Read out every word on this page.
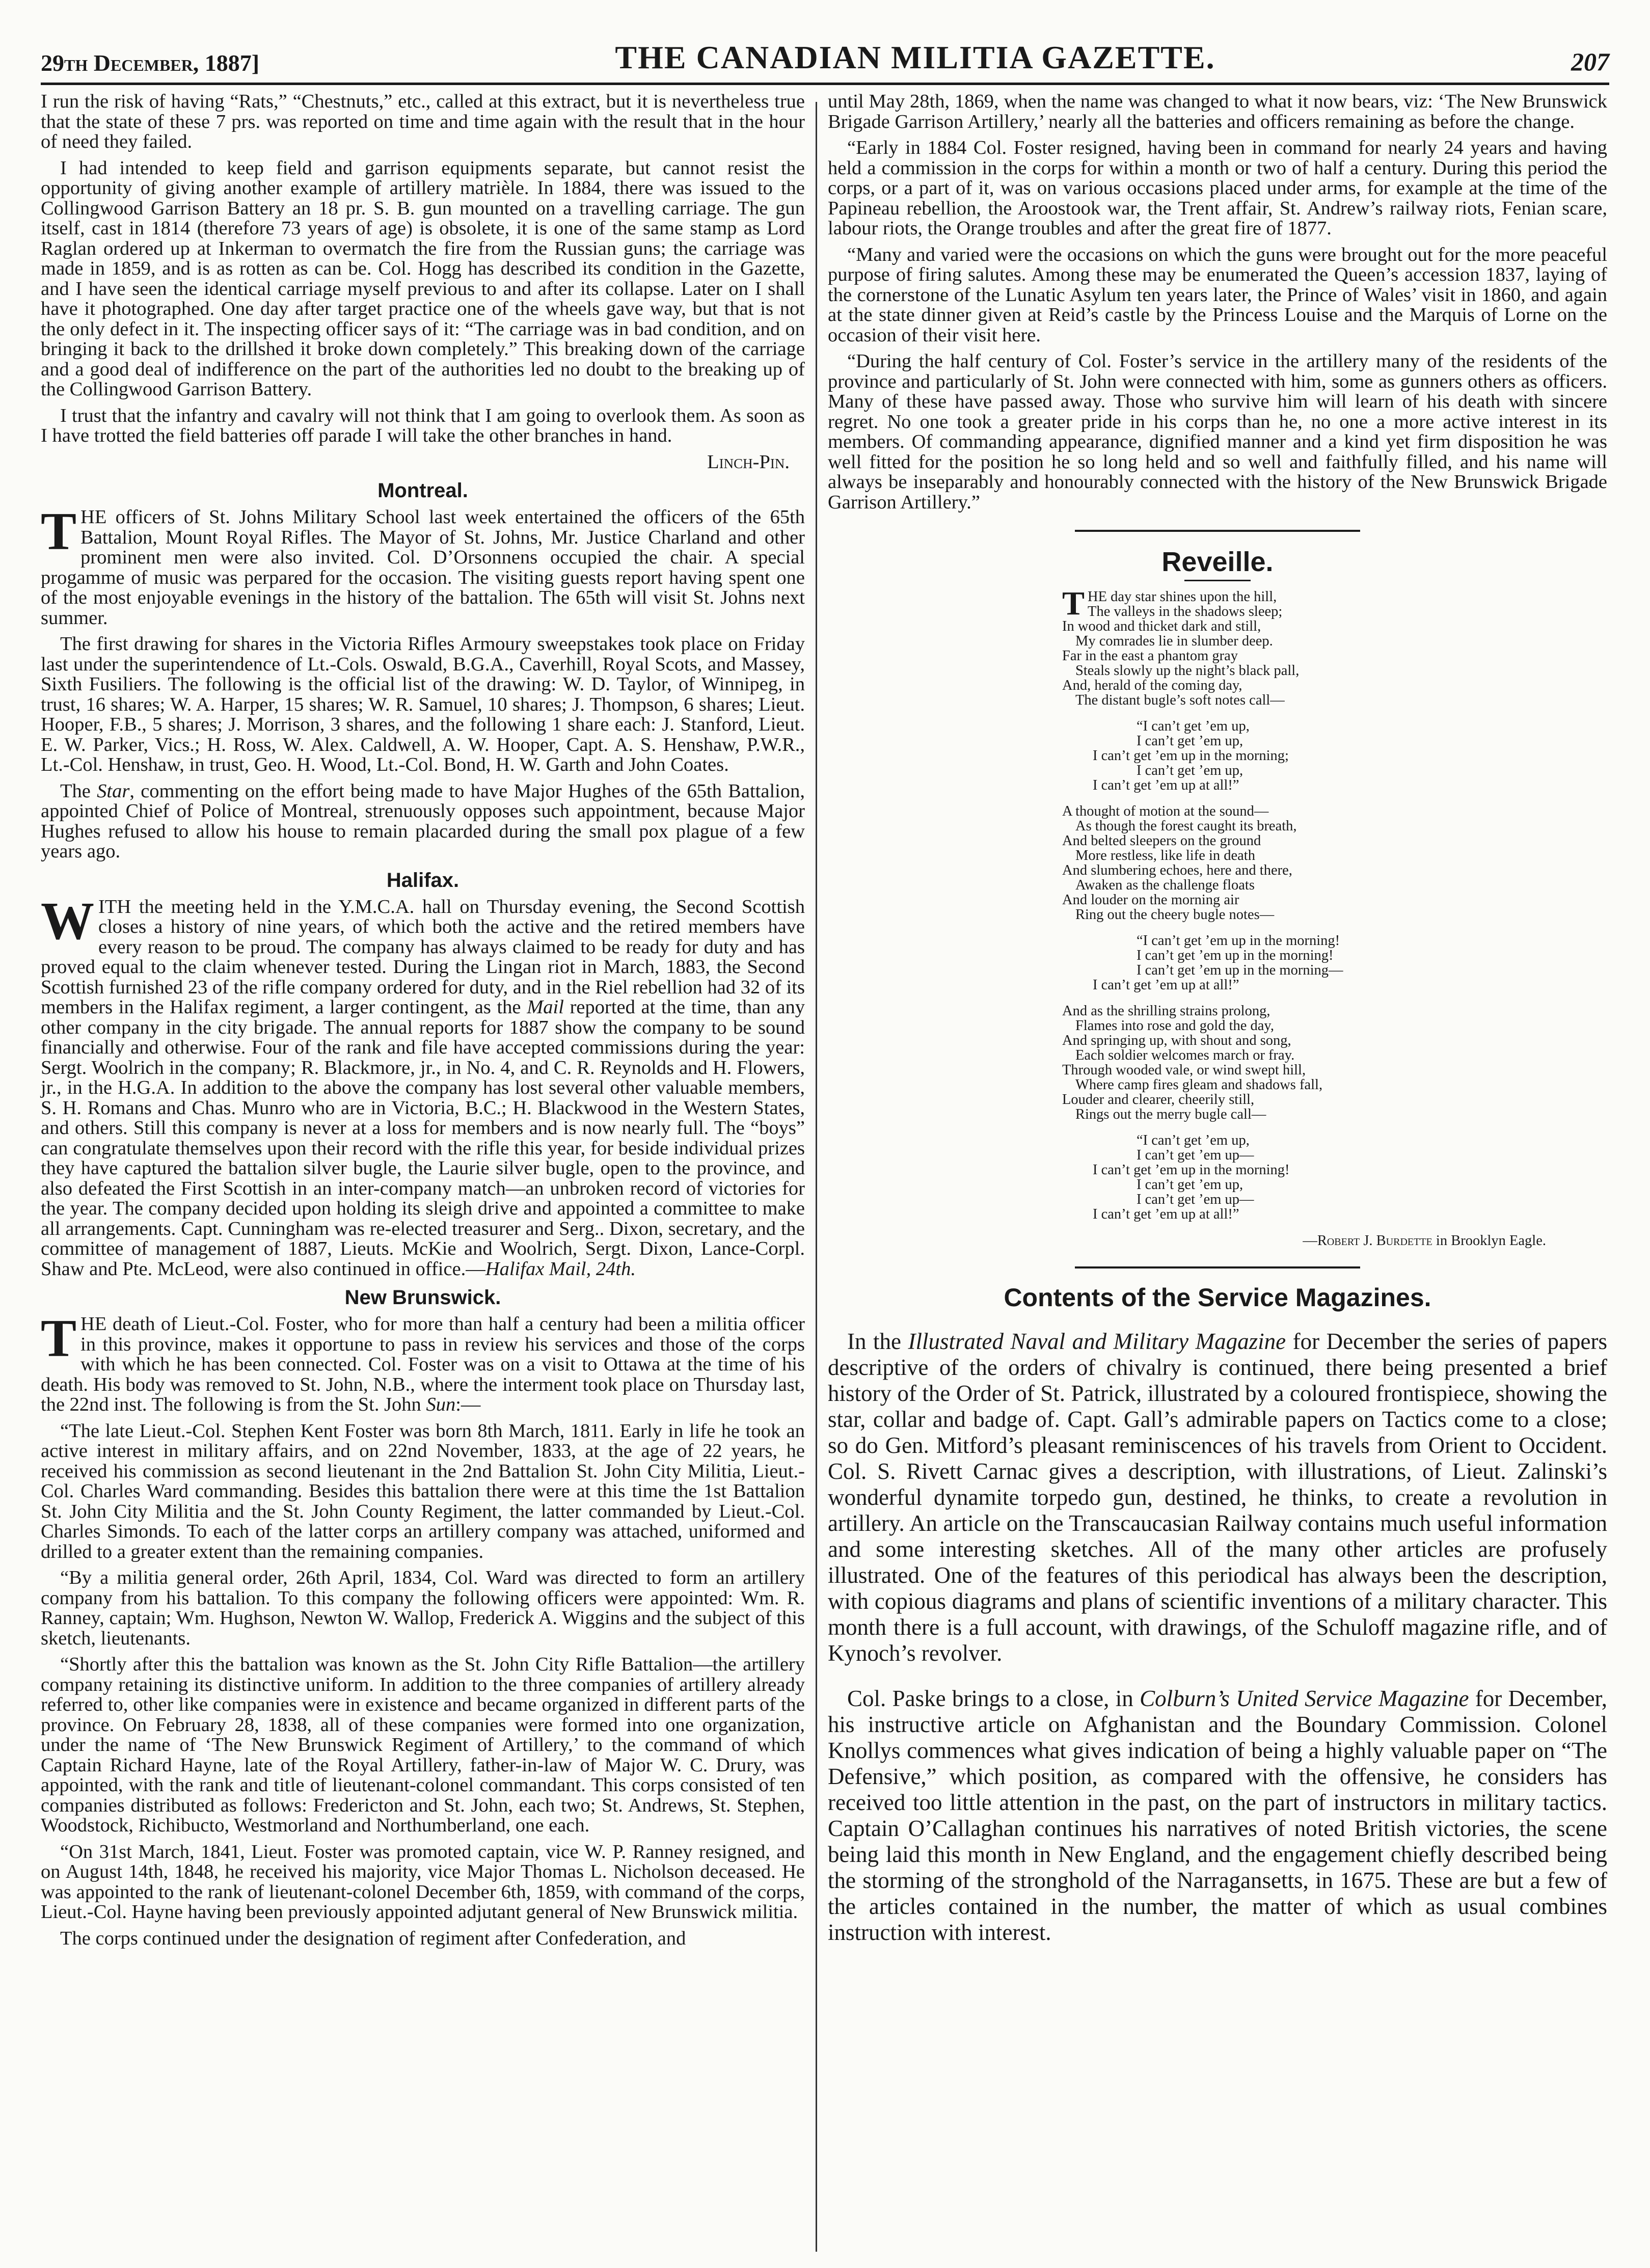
29th December, 1887]	THE CANADIAN MILITIA GAZETTE.	207

I run the risk of having “Rats,” “Chestnuts,” etc., called at this extract, but it is nevertheless true that the state of these 7 prs. was reported on time and time again with the result that in the hour of need they failed.

I had intended to keep field and garrison equipments separate, but cannot resist the opportunity of giving another example of artillery matrièle. In 1884, there was issued to the Collingwood Garrison Battery an 18 pr. S. B. gun mounted on a travelling carriage. The gun itself, cast in 1814 (therefore 73 years of age) is obsolete, it is one of the same stamp as Lord Raglan ordered up at Inkerman to overmatch the fire from the Russian guns; the carriage was made in 1859, and is as rotten as can be. Col. Hogg has described its condition in the Gazette, and I have seen the identical carriage myself previous to and after its collapse. Later on I shall have it photographed. One day after target practice one of the wheels gave way, but that is not the only defect in it. The inspecting officer says of it: “The carriage was in bad condition, and on bringing it back to the drillshed it broke down completely.” This breaking down of the carriage and a good deal of indifference on the part of the authorities led no doubt to the breaking up of the Collingwood Garrison Battery.

I trust that the infantry and cavalry will not think that I am going to overlook them. As soon as I have trotted the field batteries off parade I will take the other branches in hand.

Linch-Pin.

Montreal.

THE officers of St. Johns Military School last week entertained the officers of the 65th Battalion, Mount Royal Rifles. The Mayor of St. Johns, Mr. Justice Charland and other prominent men were also invited. Col. D’Orsonnens occupied the chair. A special progamme of music was perpared for the occasion. The visiting guests report having spent one of the most enjoyable evenings in the history of the battalion. The 65th will visit St. Johns next summer.

The first drawing for shares in the Victoria Rifles Armoury sweepstakes took place on Friday last under the superintendence of Lt.-Cols. Oswald, B.G.A., Caverhill, Royal Scots, and Massey, Sixth Fusiliers. The following is the official list of the drawing: W. D. Taylor, of Winnipeg, in trust, 16 shares; W. A. Harper, 15 shares; W. R. Samuel, 10 shares; J. Thompson, 6 shares; Lieut. Hooper, F.B., 5 shares; J. Morrison, 3 shares, and the following 1 share each: J. Stanford, Lieut. E. W. Parker, Vics.; H. Ross, W. Alex. Caldwell, A. W. Hooper, Capt. A. S. Henshaw, P.W.R., Lt.-Col. Henshaw, in trust, Geo. H. Wood, Lt.-Col. Bond, H. W. Garth and John Coates.

The Star, commenting on the effort being made to have Major Hughes of the 65th Battalion, appointed Chief of Police of Montreal, strenuously opposes such appointment, because Major Hughes refused to allow his house to remain placarded during the small pox plague of a few years ago.

Halifax.

WITH the meeting held in the Y.M.C.A. hall on Thursday evening, the Second Scottish closes a history of nine years, of which both the active and the retired members have every reason to be proud. The company has always claimed to be ready for duty and has proved equal to the claim whenever tested. During the Lingan riot in March, 1883, the Second Scottish furnished 23 of the rifle company ordered for duty, and in the Riel rebellion had 32 of its members in the Halifax regiment, a larger contingent, as the Mail reported at the time, than any other company in the city brigade. The annual reports for 1887 show the company to be sound financially and otherwise. Four of the rank and file have accepted commissions during the year: Sergt. Woolrich in the company; R. Blackmore, jr., in No. 4, and C. R. Reynolds and H. Flowers, jr., in the H.G.A. In addition to the above the company has lost several other valuable members, S. H. Romans and Chas. Munro who are in Victoria, B.C.; H. Blackwood in the Western States, and others. Still this company is never at a loss for members and is now nearly full. The “boys” can congratulate themselves upon their record with the rifle this year, for beside individual prizes they have captured the battalion silver bugle, the Laurie silver bugle, open to the province, and also defeated the First Scottish in an inter-company match—an unbroken record of victories for the year. The company decided upon holding its sleigh drive and appointed a committee to make all arrangements. Capt. Cunningham was re-elected treasurer and Serg.. Dixon, secretary, and the committee of management of 1887, Lieuts. McKie and Woolrich, Sergt. Dixon, Lance-Corpl. Shaw and Pte. McLeod, were also continued in office.—Halifax Mail, 24th.

New Brunswick.

THE death of Lieut.-Col. Foster, who for more than half a century had been a militia officer in this province, makes it opportune to pass in review his services and those of the corps with which he has been connected. Col. Foster was on a visit to Ottawa at the time of his death. His body was removed to St. John, N.B., where the interment took place on Thursday last, the 22nd inst. The following is from the St. John Sun:—

“The late Lieut.-Col. Stephen Kent Foster was born 8th March, 1811. Early in life he took an active interest in military affairs, and on 22nd November, 1833, at the age of 22 years, he received his commission as second lieutenant in the 2nd Battalion St. John City Militia, Lieut.-Col. Charles Ward commanding. Besides this battalion there were at this time the 1st Battalion St. John City Militia and the St. John County Regiment, the latter commanded by Lieut.-Col. Charles Simonds. To each of the latter corps an artillery company was attached, uniformed and drilled to a greater extent than the remaining companies.

“By a militia general order, 26th April, 1834, Col. Ward was directed to form an artillery company from his battalion. To this company the following officers were appointed: Wm. R. Ranney, captain; Wm. Hughson, Newton W. Wallop, Frederick A. Wiggins and the subject of this sketch, lieutenants.

“Shortly after this the battalion was known as the St. John City Rifle Battalion—the artillery company retaining its distinctive uniform. In addition to the three companies of artillery already referred to, other like companies were in existence and became organized in different parts of the province. On February 28, 1838, all of these companies were formed into one organization, under the name of ‘The New Brunswick Regiment of Artillery,’ to the command of which Captain Richard Hayne, late of the Royal Artillery, father-in-law of Major W. C. Drury, was appointed, with the rank and title of lieutenant-colonel commandant. This corps consisted of ten companies distributed as follows: Fredericton and St. John, each two; St. Andrews, St. Stephen, Woodstock, Richibucto, Westmorland and Northumberland, one each.

“On 31st March, 1841, Lieut. Foster was promoted captain, vice W. P. Ranney resigned, and on August 14th, 1848, he received his majority, vice Major Thomas L. Nicholson deceased. He was appointed to the rank of lieutenant-colonel December 6th, 1859, with command of the corps, Lieut.-Col. Hayne having been previously appointed adjutant general of New Brunswick militia.

The corps continued under the designation of regiment after Confederation, and

until May 28th, 1869, when the name was changed to what it now bears, viz: ‘The New Brunswick Brigade Garrison Artillery,’ nearly all the batteries and officers remaining as before the change.

“Early in 1884 Col. Foster resigned, having been in command for nearly 24 years and having held a commission in the corps for within a month or two of half a century. During this period the corps, or a part of it, was on various occasions placed under arms, for example at the time of the Papineau rebellion, the Aroostook war, the Trent affair, St. Andrew’s railway riots, Fenian scare, labour riots, the Orange troubles and after the great fire of 1877.

“Many and varied were the occasions on which the guns were brought out for the more peaceful purpose of firing salutes. Among these may be enumerated the Queen’s accession 1837, laying of the cornerstone of the Lunatic Asylum ten years later, the Prince of Wales’ visit in 1860, and again at the state dinner given at Reid’s castle by the Princess Louise and the Marquis of Lorne on the occasion of their visit here.

“During the half century of Col. Foster’s service in the artillery many of the residents of the province and particularly of St. John were connected with him, some as gunners others as officers. Many of these have passed away. Those who survive him will learn of his death with sincere regret. No one took a greater pride in his corps than he, no one a more active interest in its members. Of commanding appearance, dignified manner and a kind yet firm disposition he was well fitted for the position he so long held and so well and faithfully filled, and his name will always be inseparably and honourably connected with the history of the New Brunswick Brigade Garrison Artillery.”

Reveille.
THE day star shines upon the hill,
The valleys in the shadows sleep;
In wood and thicket dark and still,
My comrades lie in slumber deep.
Far in the east a phantom gray
Steals slowly up the night’s black pall,
And, herald of the coming day,
The distant bugle’s soft notes call—
“I can’t get ’em up,
I can’t get ’em up,
I can’t get ’em up in the morning;
I can’t get ’em up,
I can’t get ’em up at all!”
A thought of motion at the sound—
As though the forest caught its breath,
And belted sleepers on the ground
More restless, like life in death
And slumbering echoes, here and there,
Awaken as the challenge floats
And louder on the morning air
Ring out the cheery bugle notes—
“I can’t get ’em up in the morning!
I can’t get ’em up in the morning!
I can’t get ’em up in the morning—
I can’t get ’em up at all!”
And as the shrilling strains prolong,
Flames into rose and gold the day,
And springing up, with shout and song,
Each soldier welcomes march or fray.
Through wooded vale, or wind swept hill,
Where camp fires gleam and shadows fall,
Louder and clearer, cheerily still,
Rings out the merry bugle call—
“I can’t get ’em up,
I can’t get ’em up—
I can’t get ’em up in the morning!
I can’t get ’em up,
I can’t get ’em up—
I can’t get ’em up at all!”
—Robert J. Burdette in Brooklyn Eagle.
Contents of the Service Magazines.

In the Illustrated Naval and Military Magazine for December the series of papers descriptive of the orders of chivalry is continued, there being presented a brief history of the Order of St. Patrick, illustrated by a coloured frontispiece, showing the star, collar and badge of. Capt. Gall’s admirable papers on Tactics come to a close; so do Gen. Mitford’s pleasant reminiscences of his travels from Orient to Occident. Col. S. Rivett Carnac gives a description, with illustrations, of Lieut. Zalinski’s wonderful dynamite torpedo gun, destined, he thinks, to create a revolution in artillery. An article on the Transcaucasian Railway contains much useful information and some interesting sketches. All of the many other articles are profusely illustrated. One of the features of this periodical has always been the description, with copious diagrams and plans of scientific inventions of a military character. This month there is a full account, with drawings, of the Schuloff magazine rifle, and of Kynoch’s revolver.

Col. Paske brings to a close, in Colburn’s United Service Magazine for December, his instructive article on Afghanistan and the Boundary Commission. Colonel Knollys commences what gives indication of being a highly valuable paper on “The Defensive,” which position, as compared with the offensive, he considers has received too little attention in the past, on the part of instructors in military tactics. Captain O’Callaghan continues his narratives of noted British victories, the scene being laid this month in New England, and the engagement chiefly described being the storming of the stronghold of the Narragansetts, in 1675. These are but a few of the articles contained in the number, the matter of which as usual combines instruction with interest.
